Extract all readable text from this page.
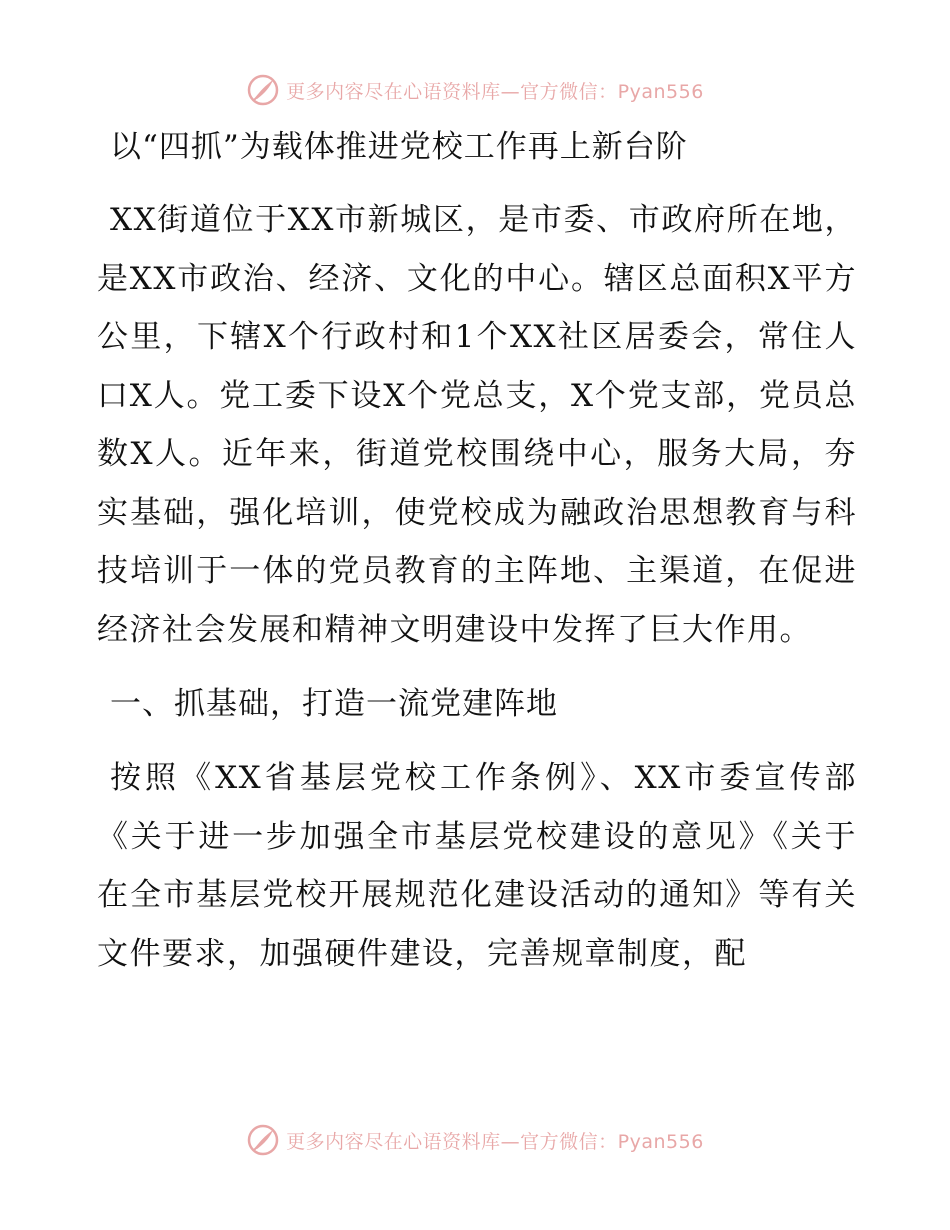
更多内容尽在心语资料库—官方微信：Pyan556
以“四抓”为载体推进党校工作再上新台阶

XX街道位于XX市新城区，是市委、市政府所在地，是XX市政治、经济、文化的中心。辖区总面积X平方公里，下辖X个行政村和1个XX社区居委会，常住人口X人。党工委下设X个党总支，X个党支部，党员总数X人。近年来，街道党校围绕中心，服务大局，夯实基础，强化培训，使党校成为融政治思想教育与科技培训于一体的党员教育的主阵地、主渠道，在促进经济社会发展和精神文明建设中发挥了巨大作用。

一、抓基础，打造一流党建阵地

按照《XX省基层党校工作条例》、XX市委宣传部《关于进一步加强全市基层党校建设的意见》《关于在全市基层党校开展规范化建设活动的通知》等有关文件要求，加强硬件建设，完善规章制度，配

更多内容尽在心语资料库—官方微信：Pyan556
